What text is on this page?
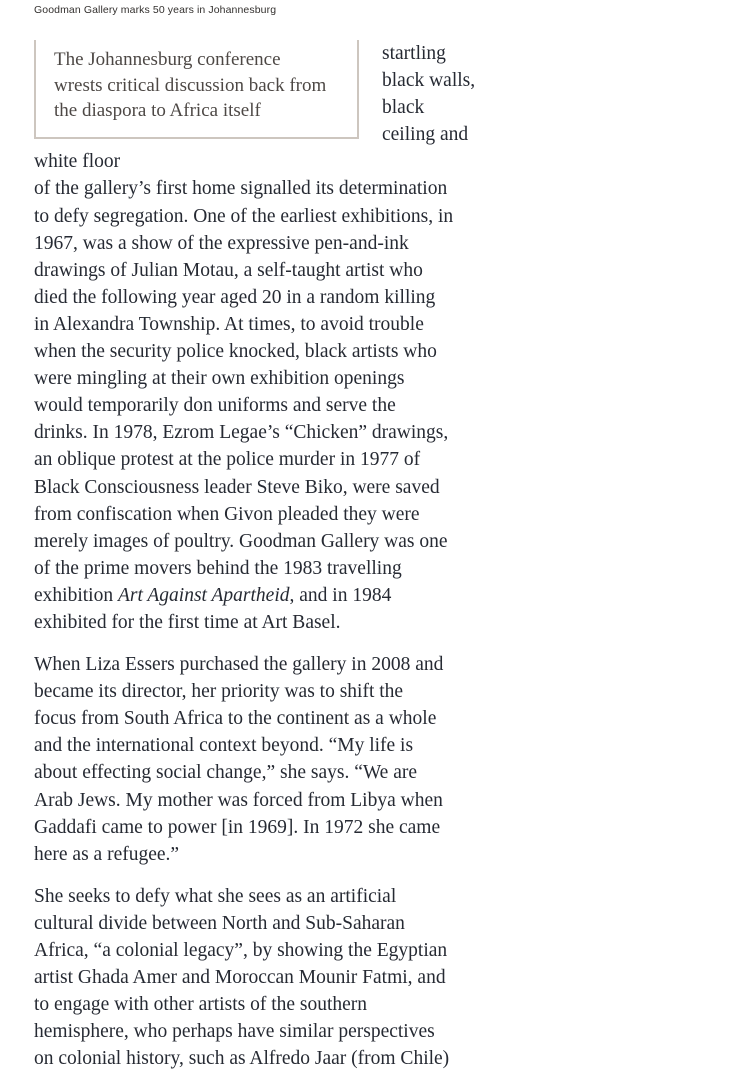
Goodman Gallery marks 50 years in Johannesburg
The Johannesburg conference
wrests critical discussion back from
the diaspora to Africa itself

startling
black walls,
black
ceiling and
white floor
of the gallery’s first home signalled its determination
to defy segregation. One of the earliest exhibitions, in
1967, was a show of the expressive pen-and-ink
drawings of Julian Motau, a self-taught artist who
died the following year aged 20 in a random killing
in Alexandra Township. At times, to avoid trouble
when the security police knocked, black artists who
were mingling at their own exhibition openings
would temporarily don uniforms and serve the
drinks. In 1978, Ezrom Legae’s “Chicken” drawings,
an oblique protest at the police murder in 1977 of
Black Consciousness leader Steve Biko, were saved
from confiscation when Givon pleaded they were
merely images of poultry. Goodman Gallery was one
of the prime movers behind the 1983 travelling
exhibition Art Against Apartheid, and in 1984
exhibited for the first time at Art Basel.

When Liza Essers purchased the gallery in 2008 and
became its director, her priority was to shift the
focus from South Africa to the continent as a whole
and the international context beyond. “My life is
about effecting social change,” she says. “We are
Arab Jews. My mother was forced from Libya when
Gaddafi came to power [in 1969]. In 1972 she came
here as a refugee.”

She seeks to defy what she sees as an artificial
cultural divide between North and Sub-Saharan
Africa, “a colonial legacy”, by showing the Egyptian
artist Ghada Amer and Moroccan Mounir Fatmi, and
to engage with other artists of the southern
hemisphere, who perhaps have similar perspectives
on colonial history, such as Alfredo Jaar (from Chile)
